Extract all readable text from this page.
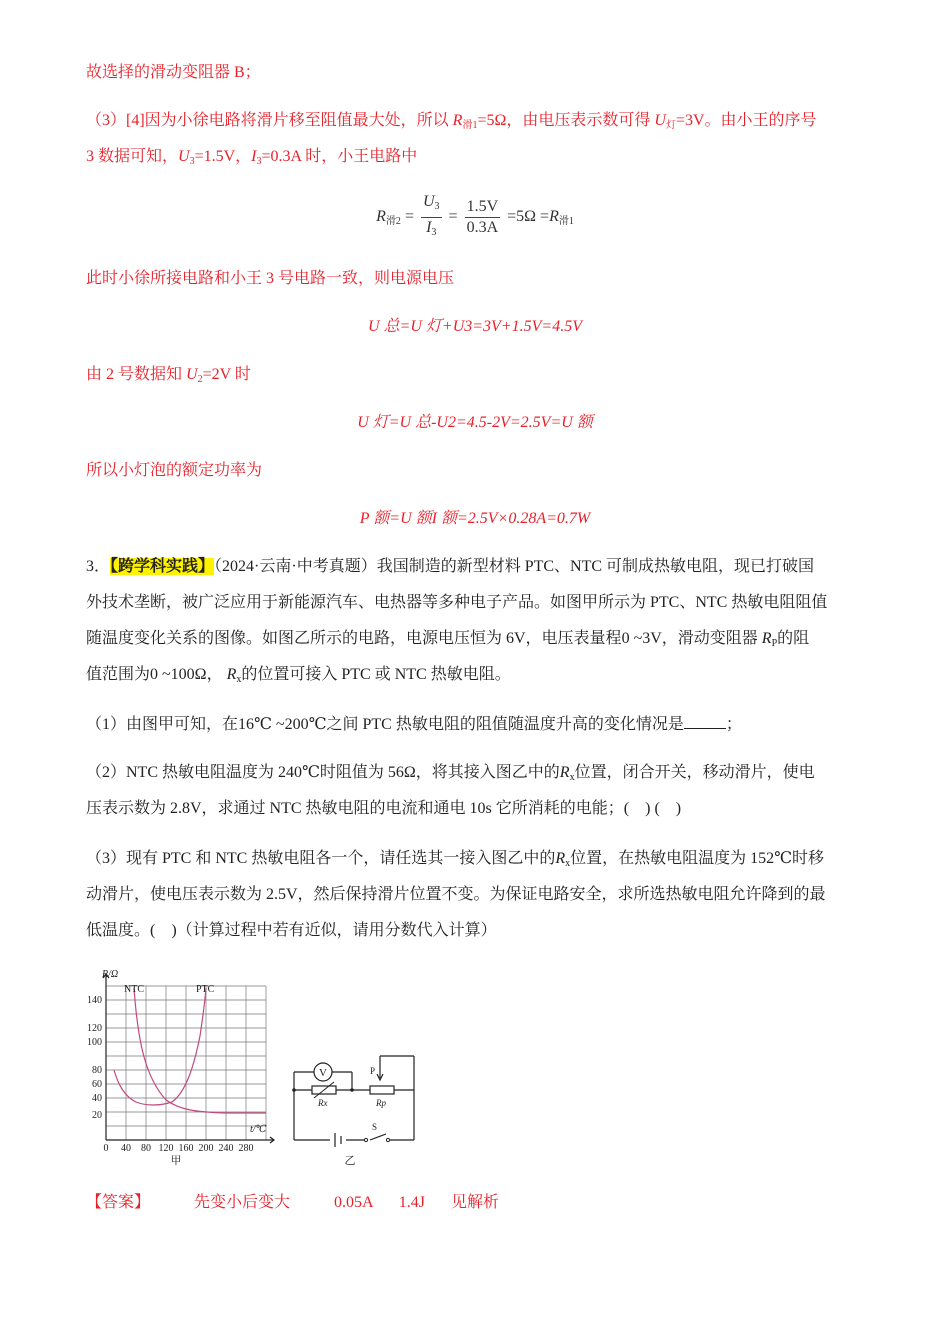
故选择的滑动变阻器 B；
（3）[4]因为小徐电路将滑片移至阻值最大处，所以 $R_{滑1}=5\Omega$，由电压表示数可得 $U_灯=3V$。由小王的序号
3 数据可知，$U_3=1.5V$，$I_3=0.3A$ 时，小王电路中
$R_{滑2} = \frac{U_3}{I_3} = \frac{1.5V}{0.3A} =5\Omega =R_{滑1}$
此时小徐所接电路和小王 3 号电路一致，则电源电压
U 总=U 灯+U3=3V+1.5V=4.5V
由 2 号数据知 $U_2=2V$ 时
U 灯=U 总-U2=4.5-2V=2.5V=U 额
所以小灯泡的额定功率为
P 额=U 额I 额=2.5V×0.28A=0.7W
3．【跨学科实践】（2024·云南·中考真题）我国制造的新型材料 PTC、NTC 可制成热敏电阻，现已打破国
外技术垄断，被广泛应用于新能源汽车、电热器等多种电子产品。如图甲所示为 PTC、NTC 热敏电阻阻值
随温度变化关系的图像。如图乙所示的电路，电源电压恒为 6V，电压表量程0 ~3V，滑动变阻器 $R_P$的阻
值范围为0 ~100Ω， $R_x$的位置可接入 PTC 或 NTC 热敏电阻。
（1）由图甲可知，在16℃ ~200℃之间 PTC 热敏电阻的阻值随温度升高的变化情况是	；
（2）NTC 热敏电阻温度为 240℃时阻值为 56Ω，将其接入图乙中的$R_x$位置，闭合开关，移动滑片，使电
压表示数为 2.8V，求通过 NTC 热敏电阻的电流和通电 10s 它所消耗的电能；(　) (　)
（3）现有 PTC 和 NTC 热敏电阻各一个，请任选其一接入图乙中的$R_x$位置，在热敏电阻温度为 152℃时移
动滑片，使电压表示数为 2.5V，然后保持滑片位置不变。为保证电路安全，求所选热敏电阻允许降到的最
低温度。(　)（计算过程中若有近似，请用分数代入计算）
140
120
100
80
60
40
20
0 40 80 120 160 200 240 280
R/Ω
t/℃
NTC	PTC
甲
V
Rx	Rp
P
S
乙
【答案】	先变小后变大	0.05A 1.4J 见解析
